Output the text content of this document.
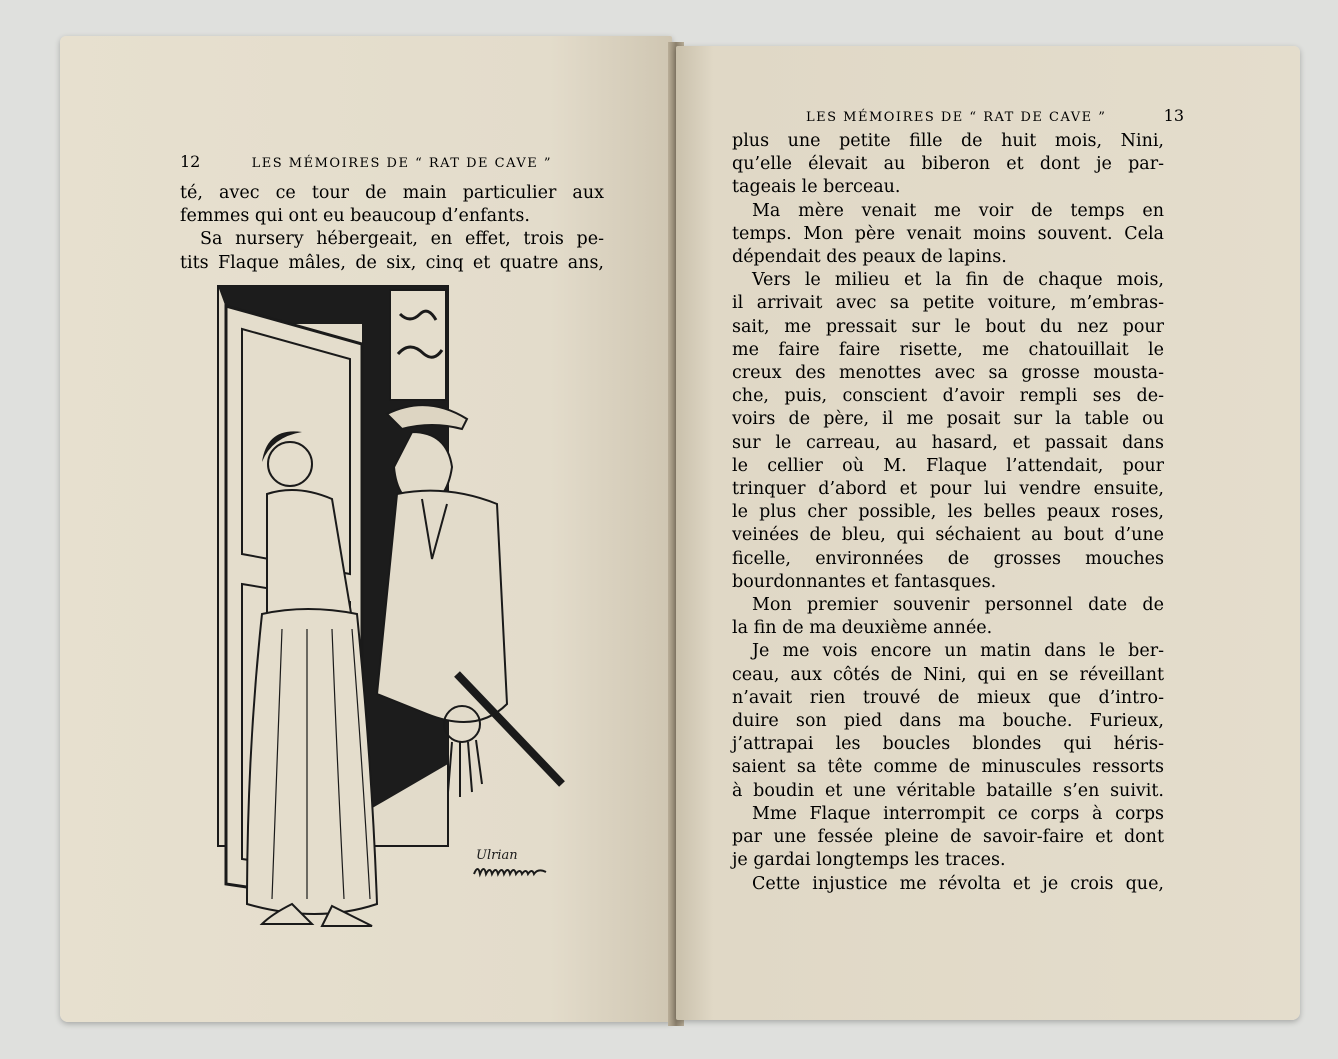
12	LES MÉMOIRES DE “ RAT DE CAVE ”
té, avec ce tour de main particulier aux
femmes qui ont eu beaucoup d’enfants.
Sa nursery hébergeait, en effet, trois pe-
tits Flaque mâles, de six, cinq et quatre ans,
Ulrian
LES MÉMOIRES DE “ RAT DE CAVE ”	13
plus une petite fille de huit mois, Nini,
qu’elle élevait au biberon et dont je par-
tageais le berceau.
Ma mère venait me voir de temps en
temps. Mon père venait moins souvent. Cela
dépendait des peaux de lapins.
Vers le milieu et la fin de chaque mois,
il arrivait avec sa petite voiture, m’embras-
sait, me pressait sur le bout du nez pour
me faire faire risette, me chatouillait le
creux des menottes avec sa grosse mousta-
che, puis, conscient d’avoir rempli ses de-
voirs de père, il me posait sur la table ou
sur le carreau, au hasard, et passait dans
le cellier où M. Flaque l’attendait, pour
trinquer d’abord et pour lui vendre ensuite,
le plus cher possible, les belles peaux roses,
veinées de bleu, qui séchaient au bout d’une
ficelle, environnées de grosses mouches
bourdonnantes et fantasques.
Mon premier souvenir personnel date de
la fin de ma deuxième année.
Je me vois encore un matin dans le ber-
ceau, aux côtés de Nini, qui en se réveillant
n’avait rien trouvé de mieux que d’intro-
duire son pied dans ma bouche. Furieux,
j’attrapai les boucles blondes qui héris-
saient sa tête comme de minuscules ressorts
à boudin et une véritable bataille s’en suivit.
Mme Flaque interrompit ce corps à corps
par une fessée pleine de savoir-faire et dont
je gardai longtemps les traces.
Cette injustice me révolta et je crois que,
